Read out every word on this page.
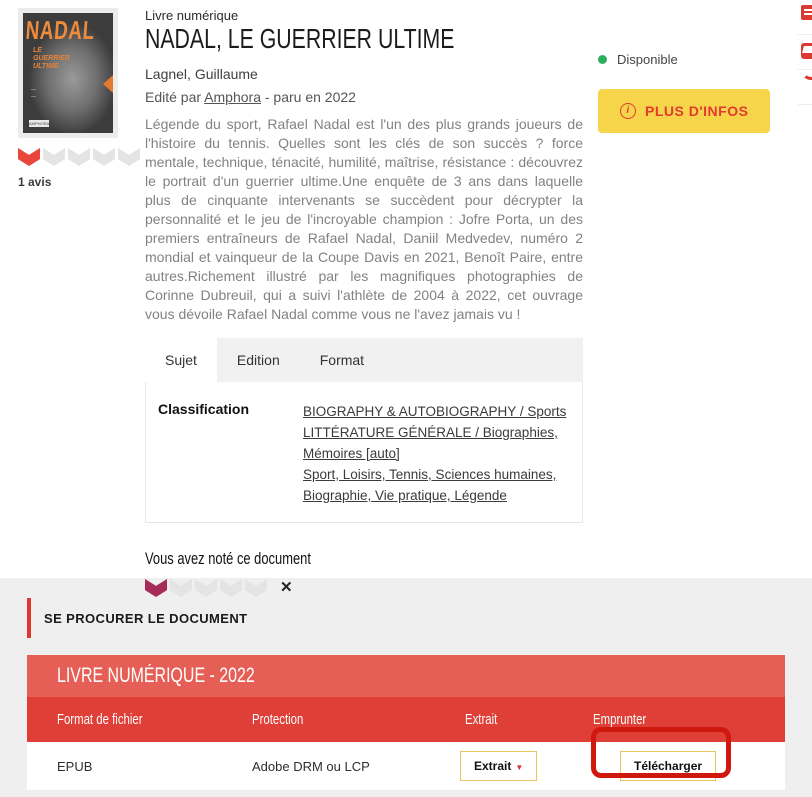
NADAL
LE GUERRIER ULTIME
—
—
AMPHORA
1 avis
Livre numérique
NADAL, LE GUERRIER ULTIME
Lagnel, Guillaume
Edité par Amphora - paru en 2022

Légende du sport, Rafael Nadal est l'un des plus grands joueurs de l'histoire du tennis. Quelles sont les clés de son succès ? force mentale, technique, ténacité, humilité, maîtrise, résistance : découvrez le portrait d'un guerrier ultime.Une enquête de 3 ans dans laquelle plus de cinquante intervenants se succèdent pour décrypter la personnalité et le jeu de l'incroyable champion : Jofre Porta, un des premiers entraîneurs de Rafael Nadal, Daniil Medvedev, numéro 2 mondial et vainqueur de la Coupe Davis en 2021, Benoît Paire, entre autres.Richement illustré par les magnifiques photographies de Corinne Dubreuil, qui a suivi l'athlète de 2004 à 2022, cet ouvrage vous dévoile Rafael Nadal comme vous ne l'avez jamais vu !

Sujet	Edition	Format
Classification	BIOGRAPHY & AUTOBIOGRAPHY / Sports
LITTÉRATURE GÉNÉRALE / Biographies, Mémoires [auto]
Sport, Loisirs, Tennis, Sciences humaines, Biographie, Vie pratique, Légende
Vous avez noté ce document
✕
Disponible
i	PLUS D'INFOS
SE PROCURER LE DOCUMENT
LIVRE NUMÉRIQUE - 2022
Format de fichier	Protection	Extrait	Emprunter
EPUB	Adobe DRM ou LCP	Extrait ▼	Télécharger
